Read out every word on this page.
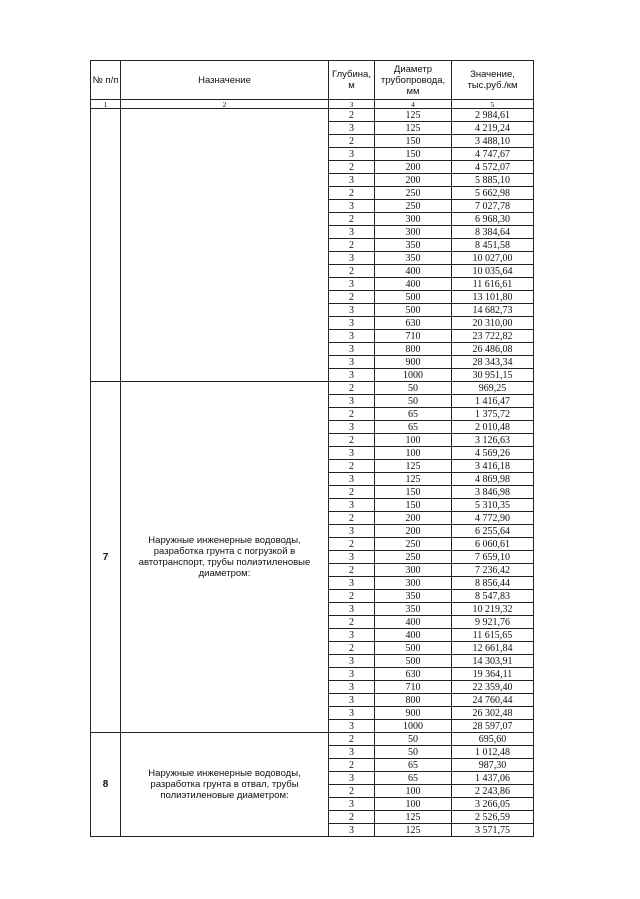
№ п/п	Назначение	Глубина, м	Диаметр трубопровода, мм	Значение, тыс.руб./км
1	2	3	4	5
		2	125	2 984,61
		3	125	4 219,24
		2	150	3 488,10
		3	150	4 747,67
		2	200	4 572,07
		3	200	5 885,10
		2	250	5 662,98
		3	250	7 027,78
		2	300	6 968,30
		3	300	8 384,64
		2	350	8 451,58
		3	350	10 027,00
		2	400	10 035,64
		3	400	11 616,61
		2	500	13 101,80
		3	500	14 682,73
		3	630	20 310,00
		3	710	23 722,82
		3	800	26 486,08
		3	900	28 343,34
		3	1000	30 951,15
7	Наружные инженерные водоводы, разработка грунта с погрузкой в автотранспорт, трубы полиэтиленовые диаметром:	2	50	969,25
		3	50	1 416,47
		2	65	1 375,72
		3	65	2 010,48
		2	100	3 126,63
		3	100	4 569,26
		2	125	3 416,18
		3	125	4 869,98
		2	150	3 846,98
		3	150	5 310,35
		2	200	4 772,90
		3	200	6 255,64
		2	250	6 060,61
		3	250	7 659,10
		2	300	7 236,42
		3	300	8 856,44
		2	350	8 547,83
		3	350	10 219,32
		2	400	9 921,76
		3	400	11 615,65
		2	500	12 661,84
		3	500	14 303,91
		3	630	19 364,11
		3	710	22 359,40
		3	800	24 760,44
		3	900	26 302,48
		3	1000	28 597,07
8	Наружные инженерные водоводы, разработка грунта в отвал, трубы полиэтиленовые диаметром:	2	50	695,60
		3	50	1 012,48
		2	65	987,30
		3	65	1 437,06
		2	100	2 243,86
		3	100	3 266,05
		2	125	2 526,59
		3	125	3 571,75
